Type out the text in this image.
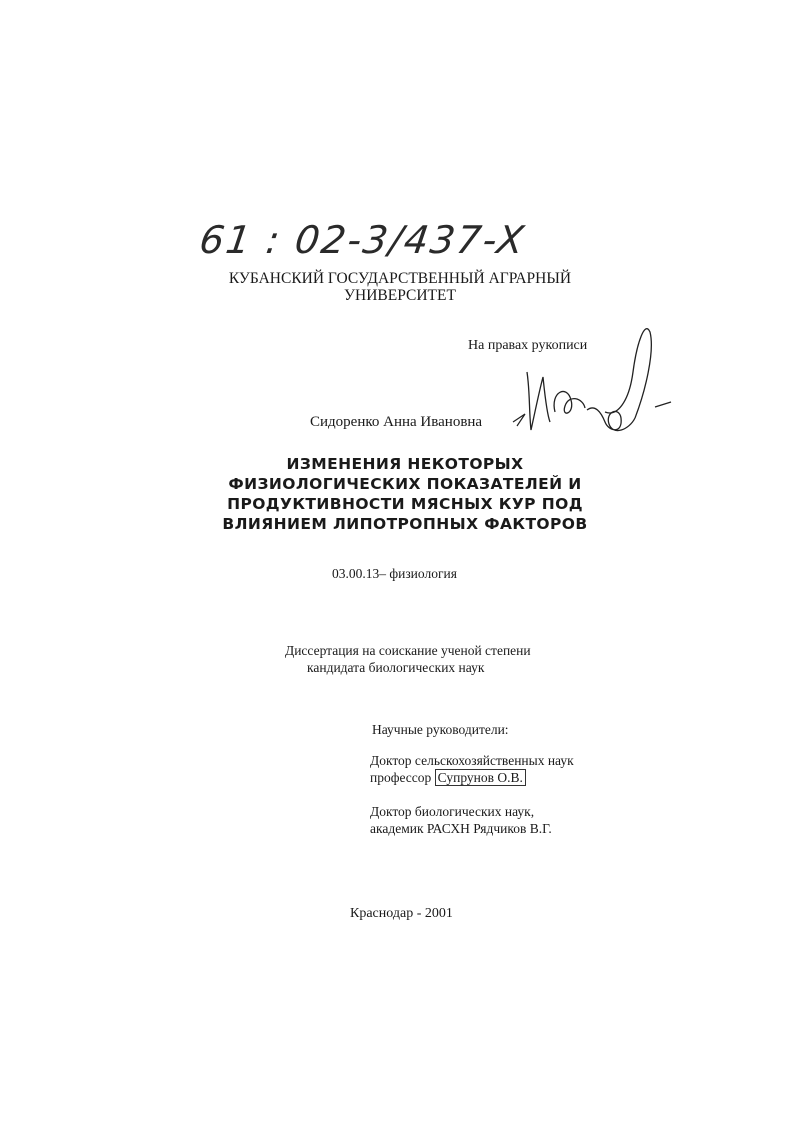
61 : 02-3/437-X
КУБАНСКИЙ ГОСУДАРСТВЕННЫЙ АГРАРНЫЙ
УНИВЕРСИТЕТ
На правах рукописи
Сидоренко Анна Ивановна
ИЗМЕНЕНИЯ НЕКОТОРЫХ
ФИЗИОЛОГИЧЕСКИХ ПОКАЗАТЕЛЕЙ И
ПРОДУКТИВНОСТИ МЯСНЫХ КУР ПОД
ВЛИЯНИЕМ ЛИПОТРОПНЫХ ФАКТОРОВ
03.00.13– физиология
Диссертация на соискание ученой степени
кандидата биологических наук
Научные руководители:
Доктор сельскохозяйственных наук
профессор Супрунов О.В.
Доктор биологических наук,
академик РАСХН Рядчиков В.Г.
Краснодар - 2001
